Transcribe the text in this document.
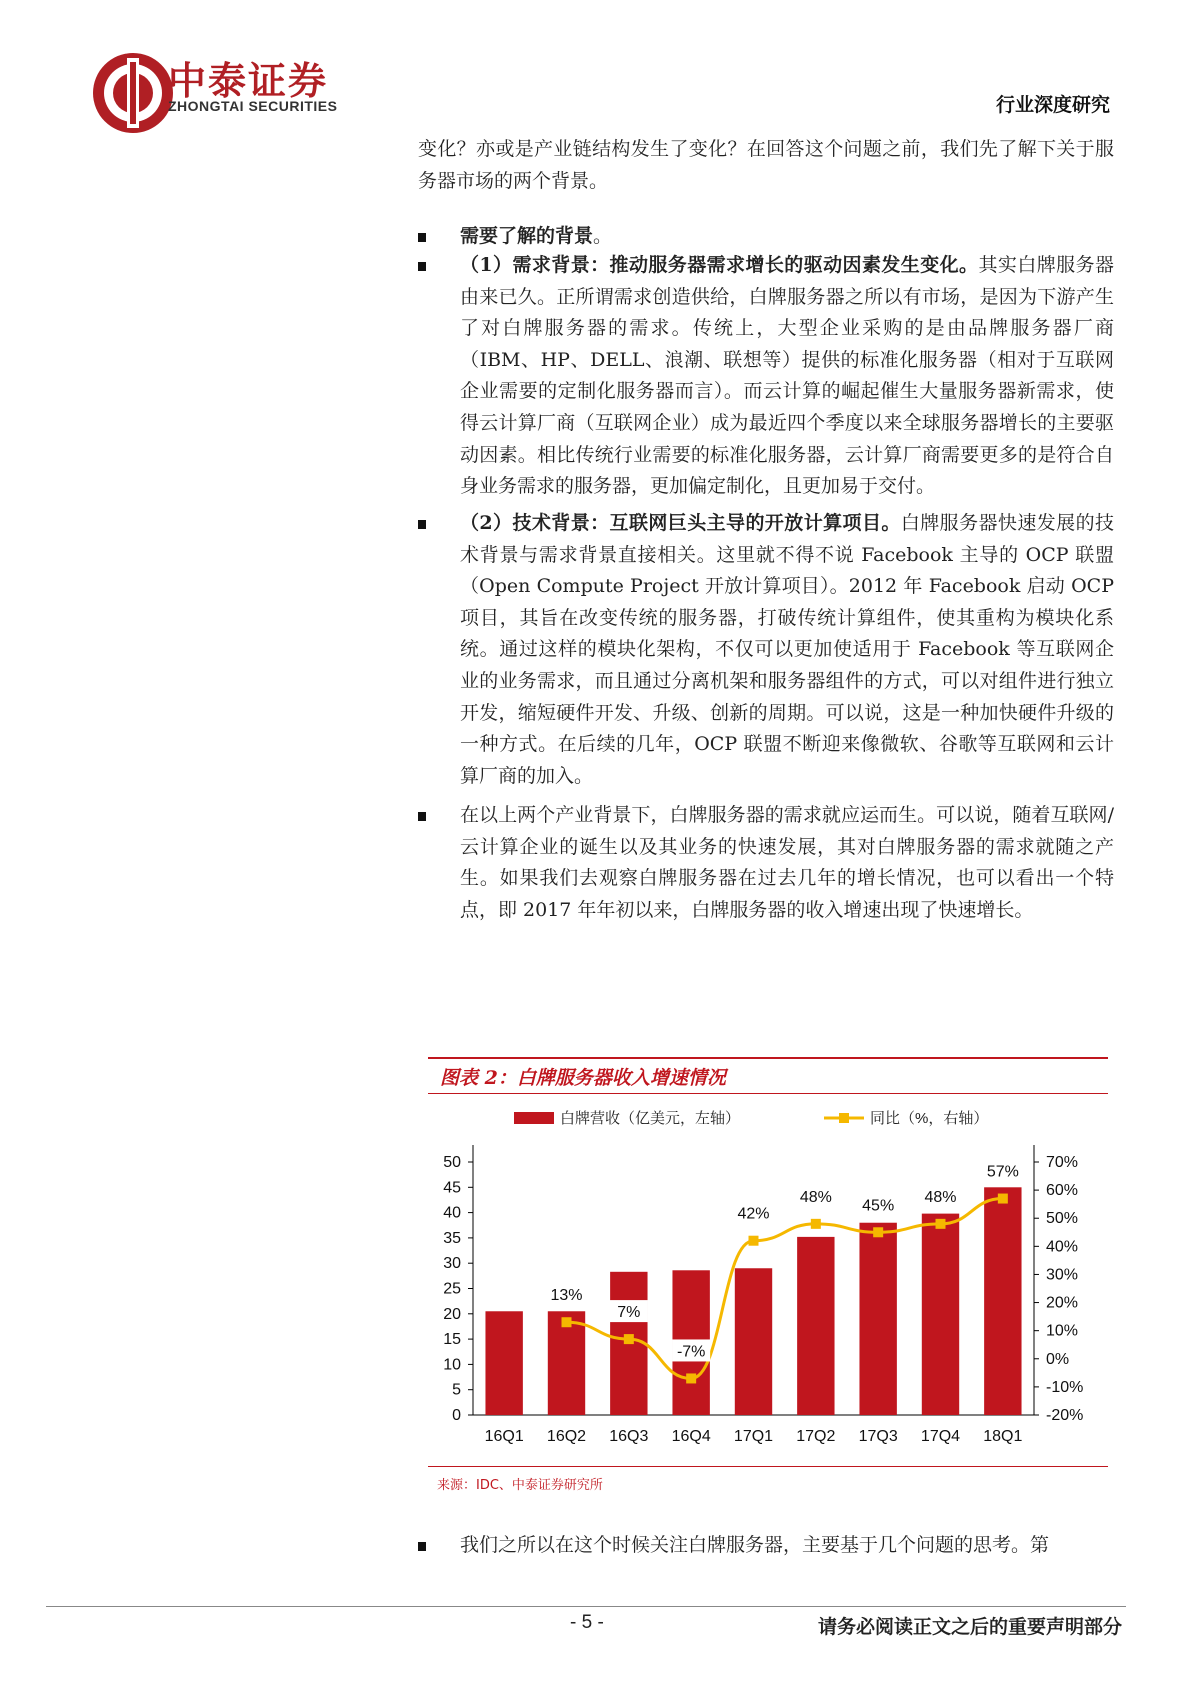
中泰证券
ZHONGTAI SECURITIES	行业深度研究

变化？亦或是产业链结构发生了变化？在回答这个问题之前，我们先了解下关于服务器市场的两个背景。

需要了解的背景。

（1）需求背景：推动服务器需求增长的驱动因素发生变化。其实白牌服务器由来已久。正所谓需求创造供给，白牌服务器之所以有市场，是因为下游产生了对白牌服务器的需求。传统上，大型企业采购的是由品牌服务器厂商（IBM、HP、DELL、浪潮、联想等）提供的标准化服务器（相对于互联网企业需要的定制化服务器而言）。而云计算的崛起催生大量服务器新需求，使得云计算厂商（互联网企业）成为最近四个季度以来全球服务器增长的主要驱动因素。相比传统行业需要的标准化服务器，云计算厂商需要更多的是符合自身业务需求的服务器，更加偏定制化，且更加易于交付。

（2）技术背景：互联网巨头主导的开放计算项目。白牌服务器快速发展的技术背景与需求背景直接相关。这里就不得不说 Facebook 主导的 OCP 联盟（Open Compute Project 开放计算项目）。2012 年 Facebook 启动 OCP 项目，其旨在改变传统的服务器，打破传统计算组件，使其重构为模块化系统。通过这样的模块化架构，不仅可以更加使适用于 Facebook 等互联网企业的业务需求，而且通过分离机架和服务器组件的方式，可以对组件进行独立开发，缩短硬件开发、升级、创新的周期。可以说，这是一种加快硬件升级的一种方式。在后续的几年，OCP 联盟不断迎来像微软、谷歌等互联网和云计算厂商的加入。

在以上两个产业背景下，白牌服务器的需求就应运而生。可以说，随着互联网/云计算企业的诞生以及其业务的快速发展，其对白牌服务器的需求就随之产生。如果我们去观察白牌服务器在过去几年的增长情况，也可以看出一个特点，即 2017 年年初以来，白牌服务器的收入增速出现了快速增长。

图表 2：白牌服务器收入增速情况
白牌营收（亿美元，左轴）	同比（%，右轴）
0
5
10
15
20
25
30
35
40
45
50
-20%
-10%
0%
10%
20%
30%
40%
50%
60%
70%
16Q1 16Q2 16Q3 16Q4 17Q1 17Q2 17Q3 17Q4 18Q1
13%
7%
-7%
42%
48% 45% 48%
57%
来源：IDC、中泰证券研究所

我们之所以在这个时候关注白牌服务器，主要基于几个问题的思考。第

- 5 -	请务必阅读正文之后的重要声明部分
